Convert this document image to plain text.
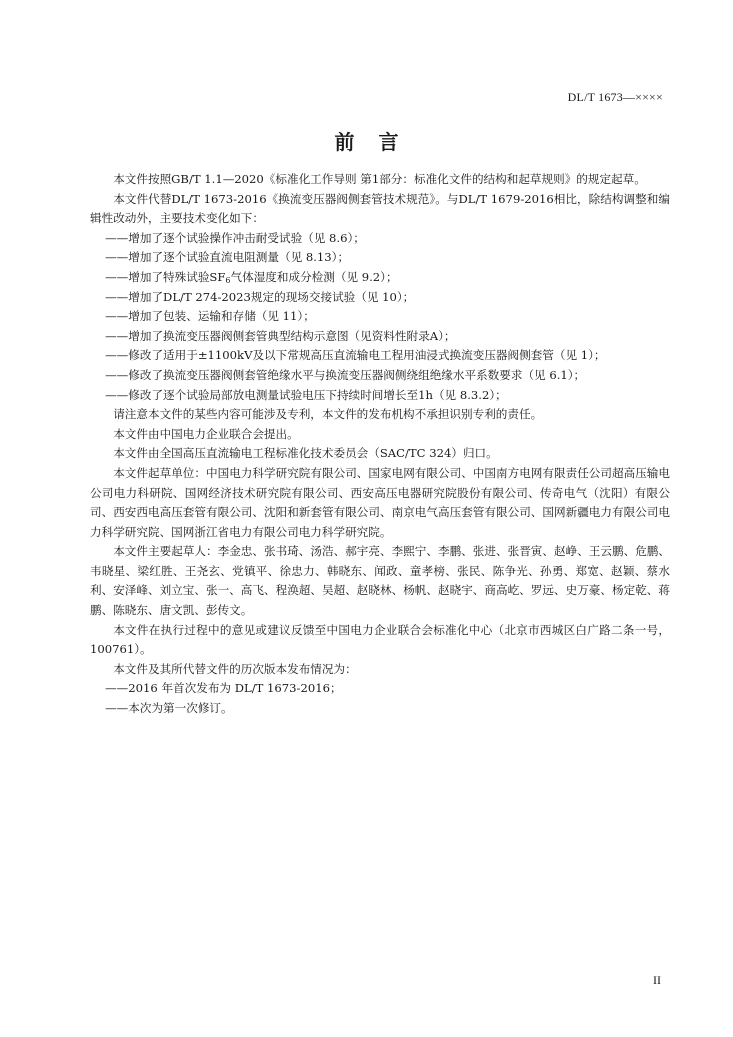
DL/T 1673—××××
前言

本文件按照GB/T 1.1—2020《标准化工作导则 第1部分：标准化文件的结构和起草规则》的规定起草。

本文件代替DL/T 1673-2016《换流变压器阀侧套管技术规范》。与DL/T 1679-2016相比，除结构调整和编辑性改动外，主要技术变化如下：

——增加了逐个试验操作冲击耐受试验（见 8.6）；

——增加了逐个试验直流电阻测量（见 8.13）；

——增加了特殊试验$SF_6$气体湿度和成分检测（见 9.2）；

——增加了DL/T 274-2023规定的现场交接试验（见 10）；

——增加了包装、运输和存储（见 11）；

——增加了换流变压器阀侧套管典型结构示意图（见资料性附录A）；

——修改了适用于±1100kV及以下常规高压直流输电工程用油浸式换流变压器阀侧套管（见 1）；

——修改了换流变压器阀侧套管绝缘水平与换流变压器阀侧绕组绝缘水平系数要求（见 6.1）；

——修改了逐个试验局部放电测量试验电压下持续时间增长至1h（见 8.3.2）；

请注意本文件的某些内容可能涉及专利，本文件的发布机构不承担识别专利的责任。

本文件由中国电力企业联合会提出。

本文件由全国高压直流输电工程标准化技术委员会（SAC/TC 324）归口。

本文件起草单位：中国电力科学研究院有限公司、国家电网有限公司、中国南方电网有限责任公司超高压输电公司电力科研院、国网经济技术研究院有限公司、西安高压电器研究院股份有限公司、传奇电气（沈阳）有限公司、西安西电高压套管有限公司、沈阳和新套管有限公司、南京电气高压套管有限公司、国网新疆电力有限公司电力科学研究院、国网浙江省电力有限公司电力科学研究院。

本文件主要起草人：李金忠、张书琦、汤浩、郝宇亮、李熙宁、李鹏、张进、张晋寅、赵峥、王云鹏、危鹏、韦晓星、梁红胜、王尧玄、党镇平、徐忠力、韩晓东、闻政、童孝榜、张民、陈争光、孙勇、郑宽、赵颖、蔡水利、安泽峰、刘立宝、张一、高飞、程涣超、吴超、赵晓林、杨帆、赵晓宇、商高屹、罗远、史万豪、杨定乾、蒋鹏、陈晓东、唐文凯、彭传文。

本文件在执行过程中的意见或建议反馈至中国电力企业联合会标准化中心（北京市西城区白广路二条一号，100761）。

本文件及其所代替文件的历次版本发布情况为：

——2016 年首次发布为 DL/T 1673-2016；

——本次为第一次修订。

II
